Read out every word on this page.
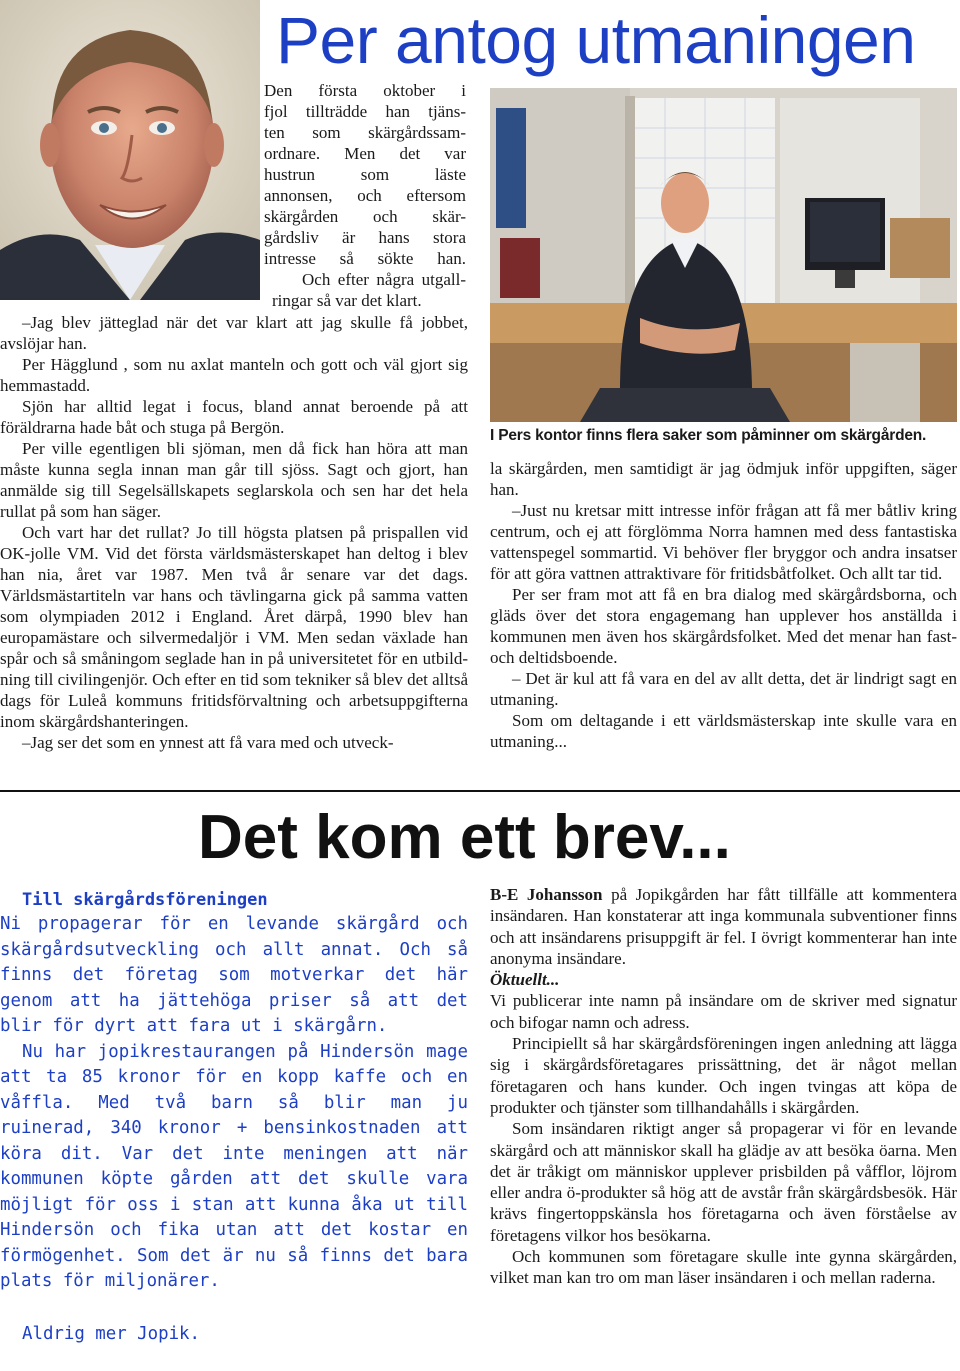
Per antog utmaningen
Den första oktober i
fjol tillträdde han tjäns-
ten som skärgårdssam-
ordnare. Men det var
hustrun som läste
annonsen, och eftersom
skärgården och skär-
gårdsliv är hans stora
intresse så sökte han.
Och efter några utgall-
ringar så var det klart.

–Jag blev jätteglad när det var klart att jag skulle få jobbet, avslöjar han.

Per Hägglund , som nu axlat manteln och gott och väl gjort sig hemmastadd.

Sjön har alltid legat i focus, bland annat beroende på att föräldrarna hade båt och stuga på Bergön.

Per ville egentligen bli sjöman, men då fick han höra att man måste kunna segla innan man går till sjöss. Sagt och gjort, han anmälde sig till Segelsällskapets seglarskola och sen har det hela rullat på som han säger.

Och vart har det rullat? Jo till högsta platsen på prispallen vid OK-jolle VM. Vid det första världsmästerskapet han deltog i blev han nia, året var 1987. Men två år senare var det dags. Världsmästartiteln var hans och tävlingarna gick på samma vatten som olympiaden 2012 i England. Året därpå, 1990 blev han europamästare och silvermedaljör i VM. Men sedan växlade han spår och så småningom seglade han in på universitetet för en utbildning till civilingenjör. Och efter en tid som tekniker så blev det alltså dags för Luleå kommuns fritidsförvaltning och arbetsuppgifterna inom skärgårdshanteringen.

–Jag ser det som en ynnest att få vara med och utveck-

I Pers kontor finns flera saker som påminner om skärgården.

la skärgården, men samtidigt är jag ödmjuk inför uppgiften, säger han.

–Just nu kretsar mitt intresse inför frågan att få mer båtliv kring centrum, och ej att förglömma Norra hamnen med dess fantastiska vattenspegel sommartid. Vi behöver fler bryggor och andra insatser för att göra vattnen attraktivare för fritidsbåtfolket. Och allt tar tid.

Per ser fram mot att få en bra dialog med skärgårdsborna, och gläds över det stora engagemang han upplever hos anställda i kommunen men även hos skärgårdsfolket. Med det menar han fast- och deltidsboende.

– Det är kul att få vara en del av allt detta, det är lindrigt sagt en utmaning.

Som om deltagande i ett världsmästerskap inte skulle vara en utmaning...

Det kom ett brev...
Till skärgårdsföreningen

Ni propagerar för en levande skärgård och skärgårdsutveckling och allt annat. Och så finns det företag som motverkar det här genom att ha jättehöga priser så att det blir för dyrt att fara ut i skärgårn.

Nu har jopikrestaurangen på Hindersön mage att ta 85 kronor för en kopp kaffe och en våffla. Med två barn så blir man ju ruinerad, 340 kronor + bensinkostnaden att köra dit. Var det inte meningen att när kommunen köpte gården att det skulle vara möjligt för oss i stan att kunna åka ut till Hindersön och fika utan att det kostar en förmögenhet. Som det är nu så finns det bara plats för miljonärer.

Aldrig mer Jopik.

B-E Johansson på Jopikgården har fått tillfälle att kommentera insändaren. Han konstaterar att inga kommunala subventioner finns och att insändarens prisuppgift är fel. I övrigt kommenterar han inte anonyma insändare.

Öktuellt...

Vi publicerar inte namn på insändare om de skriver med signatur och bifogar namn och adress.

Principiellt så har skärgårdsföreningen ingen anledning att lägga sig i skärgårdsföretagares prissättning, det är något mellan företagaren och hans kunder. Och ingen tvingas att köpa de produkter och tjänster som tillhandahålls i skärgården.

Som insändaren riktigt anger så propagerar vi för en levande skärgård och att människor skall ha glädje av att besöka öarna. Men det är tråkigt om människor upplever prisbilden på våfflor, löjrom eller andra ö-produkter så hög att de avstår från skärgårdsbesök. Här krävs fingertoppskänsla hos företagarna och även förståelse av företagens vilkor hos besökarna.

Och kommunen som företagare skulle inte gynna skärgården, vilket man kan tro om man läser insändaren i och mellan raderna.
